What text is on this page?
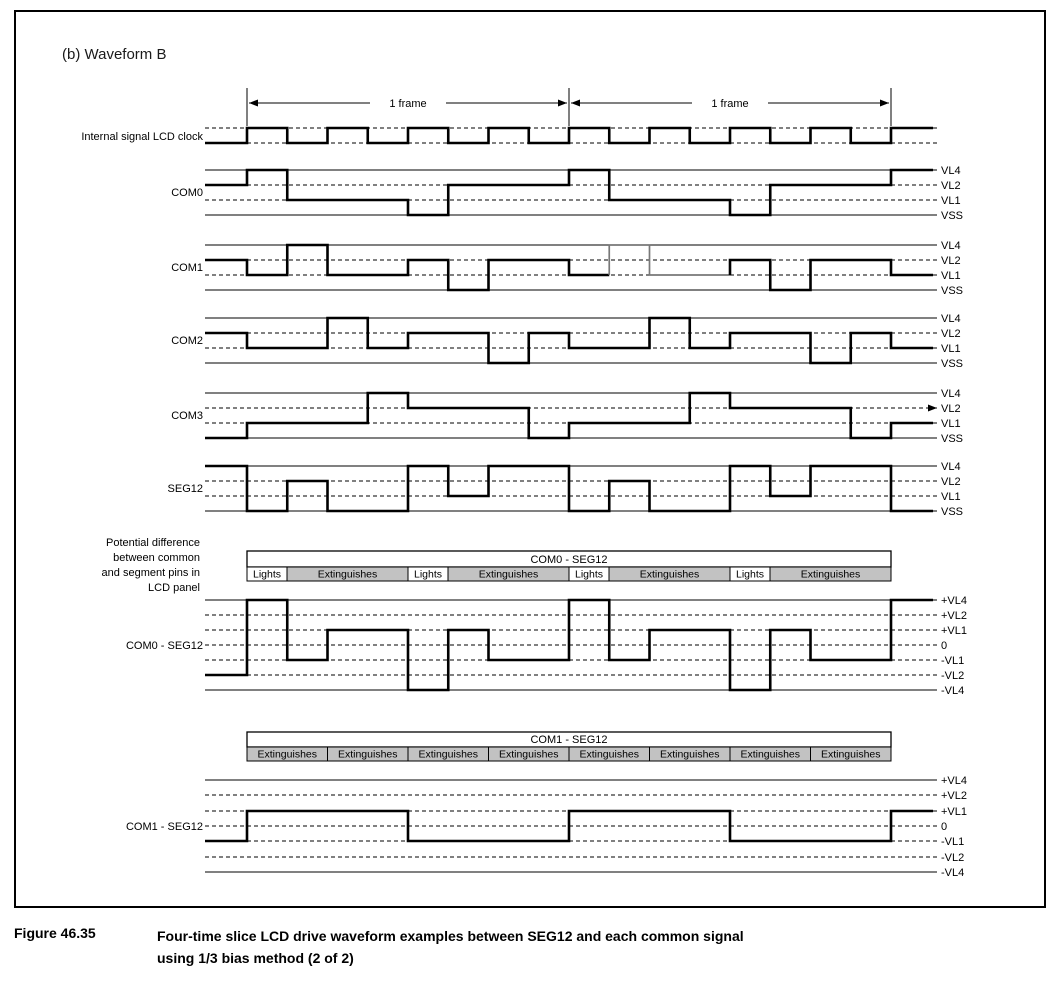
(b) Waveform B
Internal signal LCD clock
VL4
VL2
VL1
VSS
COM0
VL4
VL2
VL1
VSS
COM1
VL4
VL2
VL1
VSS
COM2
VL4
VL2
VL1
VSS
COM3
VL4
VL2
VL1
VSS
SEG12
+VL4
+VL2
+VL1
0
-VL1
-VL2
-VL4
COM0 - SEG12
+VL4
+VL2
+VL1
0
-VL1
-VL2
-VL4
COM1 - SEG12
1 frame	1 frame
COM0 - SEG12
Lights	Extinguishes	Lights	Extinguishes	Lights	Extinguishes	Lights	Extinguishes
COM1 - SEG12
Extinguishes Extinguishes Extinguishes Extinguishes Extinguishes Extinguishes Extinguishes Extinguishes
Potential difference
between common
and segment pins in
LCD panel
Figure 46.35	Four-time slice LCD drive waveform examples between SEG12 and each common signal
using 1/3 bias method (2 of 2)
